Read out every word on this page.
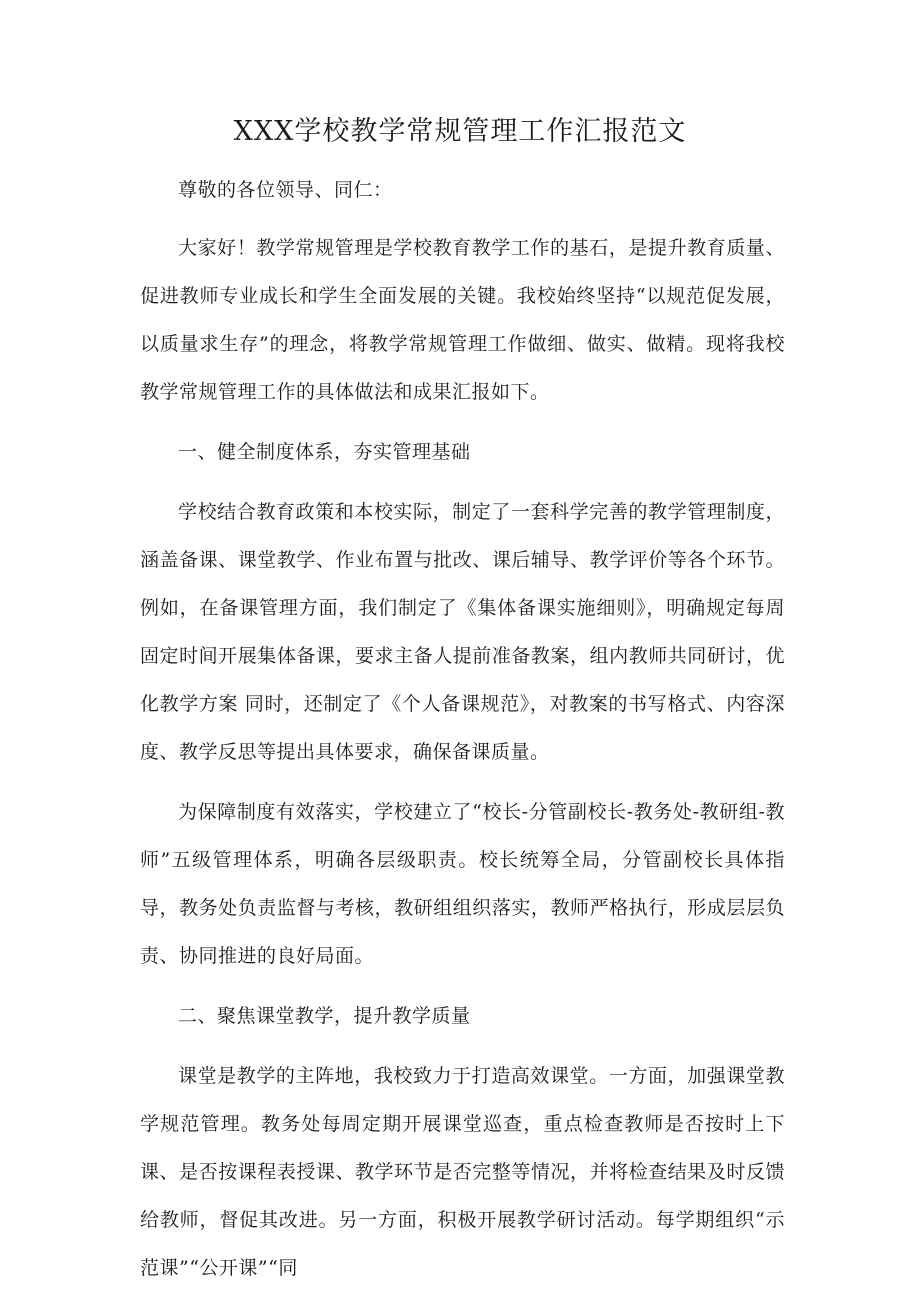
XXX学校教学常规管理工作汇报范文

尊敬的各位领导、同仁：

大家好！教学常规管理是学校教育教学工作的基石，是提升教育质量、促进教师专业成长和学生全面发展的关键。我校始终坚持“以规范促发展，以质量求生存”的理念，将教学常规管理工作做细、做实、做精。现将我校教学常规管理工作的具体做法和成果汇报如下。

一、健全制度体系，夯实管理基础

学校结合教育政策和本校实际，制定了一套科学完善的教学管理制度，涵盖备课、课堂教学、作业布置与批改、课后辅导、教学评价等各个环节。例如，在备课管理方面，我们制定了《集体备课实施细则》，明确规定每周固定时间开展集体备课，要求主备人提前准备教案，组内教师共同研讨，优化教学方案 同时，还制定了《个人备课规范》，对教案的书写格式、内容深度、教学反思等提出具体要求，确保备课质量。

为保障制度有效落实，学校建立了“校长-分管副校长-教务处-教研组-教师”五级管理体系，明确各层级职责。校长统筹全局，分管副校长具体指导，教务处负责监督与考核，教研组组织落实，教师严格执行，形成层层负责、协同推进的良好局面。

二、聚焦课堂教学，提升教学质量

课堂是教学的主阵地，我校致力于打造高效课堂。一方面，加强课堂教学规范管理。教务处每周定期开展课堂巡查，重点检查教师是否按时上下课、是否按课程表授课、教学环节是否完整等情况，并将检查结果及时反馈给教师，督促其改进。另一方面，积极开展教学研讨活动。每学期组织“示范课”“公开课”“同
